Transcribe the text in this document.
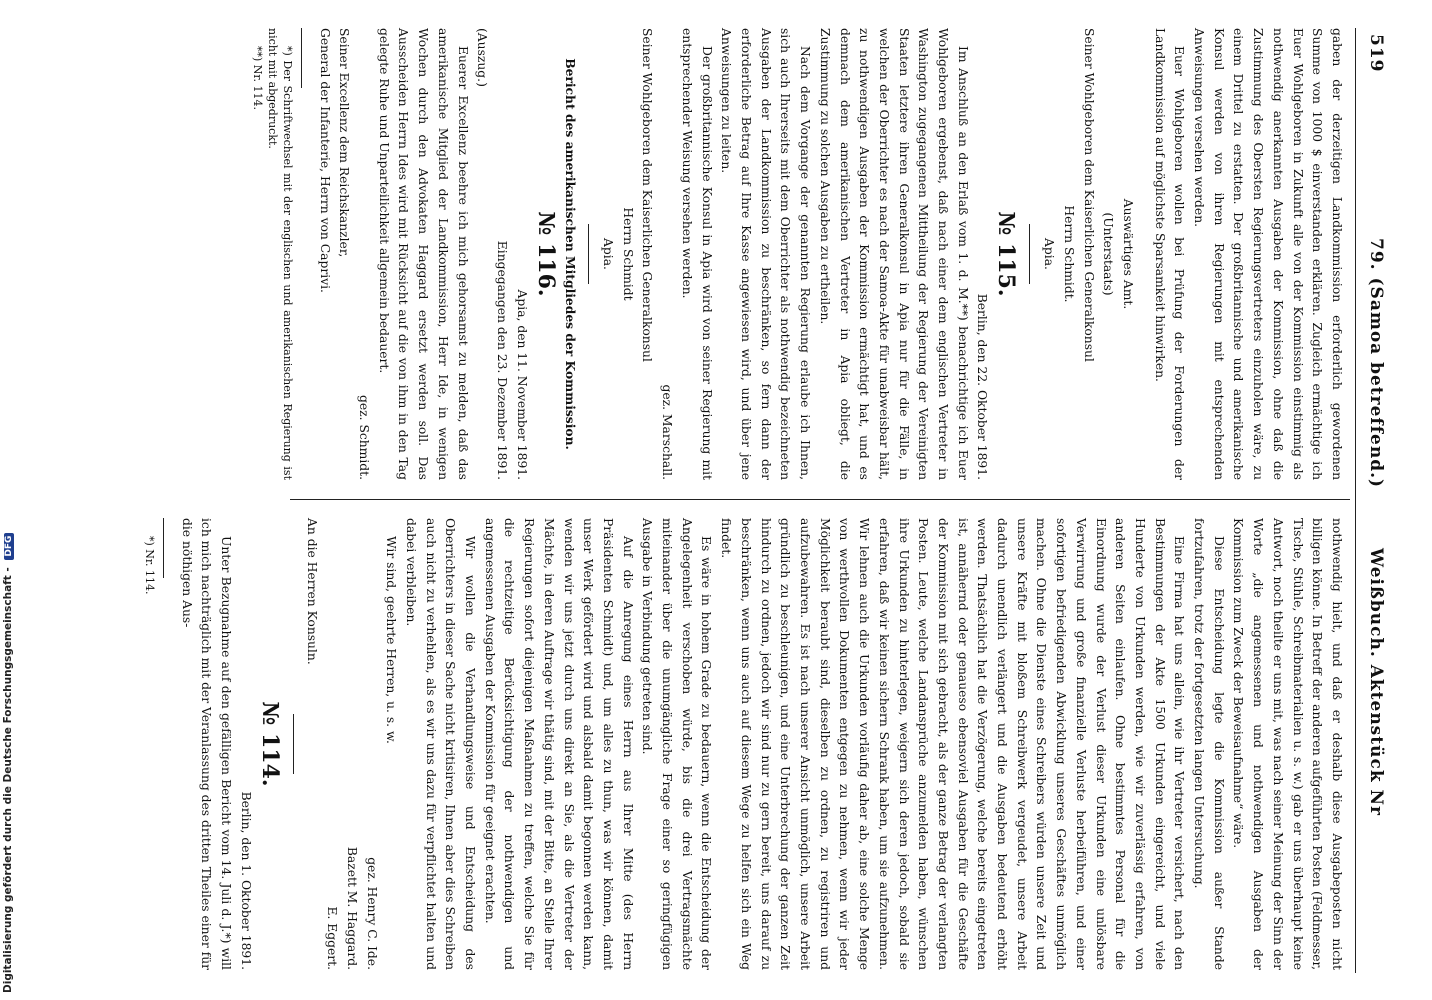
519
79. (Samoa betreffend.)
Weißbuch. Aktenstück Nr

gaben der derzeitigen Landkommission erforderlich gewordenen Summe von 1000 $ einverstanden erklären. Zugleich ermächtige ich Euer Wohlgeboren in Zukunft alle von der Kommission einstimmig als nothwendig anerkannten Ausgaben der Kommission, ohne daß die Zustimmung des Obersten Regierungsvertreters einzuholen wäre, zu einem Drittel zu erstatten. Der großbritannische und amerikanische Konsul werden von ihren Regierungen mit entsprechenden Anweisungen versehen werden.

Euer Wohlgeboren wollen bei Prüfung der Forderungen der Landkommission auf möglichste Sparsamkeit hinwirken.

Auswärtiges Amt.

(Unterstaats)

Seiner Wohlgeboren dem Kaiserlichen Generalkonsul

Herrn Schmidt.

Apia.

№ 115.

Berlin, den 22. Oktober 1891.

Im Anschluß an den Erlaß vom 1. d. M.**) benachrichtige ich Euer Wohlgeboren ergebenst, daß nach einer dem englischen Vertreter in Washington zugegangenen Mittheilung der Regierung der Vereinigten Staaten letztere ihren Generalkonsul in Apia nur für die Fälle, in welchen der Oberrichter es nach der Samoa-Akte für unabweisbar hält, zu nothwendigen Ausgaben der Kommission ermächtigt hat, und es demnach dem amerikanischen Vertreter in Apia obliegt, die Zustimmung zu solchen Ausgaben zu ertheilen.

Nach dem Vorgange der genannten Regierung erlaube ich Ihnen, sich auch Ihrerseits mit dem Oberrichter als nothwendig bezeichneten Ausgaben der Landkommission zu beschränken, so fern dann der erforderliche Betrag auf Ihre Kasse angewiesen wird, und über jene Anweisungen zu leiten.

Der großbritannische Konsul in Apia wird von seiner Regierung mit entsprechender Weisung versehen werden.

gez. Marschall.

Seiner Wohlgeboren dem Kaiserlichen Generalkonsul

Herrn Schmidt

Apia.

Bericht des amerikanischen Mitgliedes der Kommission.

№ 116.

Apia, den 11. November 1891.

Eingegangen den 23. Dezember 1891.

(Auszug.)

Euerer Excellenz beehre ich mich gehorsamst zu melden, daß das amerikanische Mitglied der Landkommission, Herr Ide, in wenigen Wochen durch den Advokaten Haggard ersetzt werden soll. Das Ausscheiden Herrn Ides wird mit Rücksicht auf die von ihm in den Tag gelegte Ruhe und Unparteilichkeit allgemein bedauert.

gez. Schmidt.

Seiner Excellenz dem Reichskanzler,

General der Infanterie, Herrn von Caprivi.

*) Der Schriftwechsel mit der englischen und amerikanischen Regierung ist nicht mit abgedruckt.

**) Nr. 114.

nothwendig hielt, und daß er deshalb diese Ausgabeposten nicht billigen könne. In Betreff der anderen aufgeführten Posten (Feldmesser, Tische, Stühle, Schreibmaterialien u. s. w.) gab er uns überhaupt keine Antwort, noch theilte er uns mit, was nach seiner Meinung der Sinn der Worte „die angemessenen und nothwendigen Ausgaben der Kommission zum Zweck der Beweisaufnahme“ wäre.

Diese Entscheidung legte die Kommission außer Stande fortzufahren, trotz der fortgesetzten langen Untersuchung.

Eine Firma hat uns allein, wie ihr Vertreter versichert, nach den Bestimmungen der Akte 1500 Urkunden eingereicht, und viele Hunderte von Urkunden werden, wie wir zuverlässig erfahren, von anderen Seiten einlaufen. Ohne bestimmtes Personal für die Einordnung wurde der Verlust dieser Urkunden eine unlösbare Verwirrung und große finanzielle Verluste herbeiführen, und einer sofortigen befriedigenden Abwicklung unseres Geschäftes unmöglich machen. Ohne die Dienste eines Schreibers würden unsere Zeit und unsere Kräfte mit bloßem Schreibwerk vergeudet, unsere Arbeit dadurch unendlich verlängert und die Ausgaben bedeutend erhöht werden. Thatsächlich hat die Verzögerung, welche bereits eingetreten ist, annähernd oder genaueso ebensoviel Ausgaben für die Geschäfte der Kommission mit sich gebracht, als der ganze Betrag der verlangten Posten. Leute, welche Landansprüche anzumelden haben, wünschen ihre Urkunden zu hinterlegen, weigern sich deren jedoch, sobald sie erfahren, daß wir keinen sichern Schrank haben, um sie aufzunehmen. Wir lehnen auch die Urkunden vorläufig daher ab, eine solche Menge von werthvollen Dokumenten entgegen zu nehmen, wenn wir jeder Möglichkeit beraubt sind, dieselben zu ordnen, zu registriren und aufzubewahren. Es ist nach unserer Ansicht unmöglich, unsere Arbeit gründlich zu beschleunigen, und eine Unterbrechung der ganzen Zeit hindurch zu ordnen, jedoch wir sind nur zu gern bereit, uns darauf zu beschränken, wenn uns auch auf diesem Wege zu helfen sich ein Weg findet.

Es wäre in hohem Grade zu bedauern, wenn die Entscheidung der Angelegenheit verschoben würde, bis die drei Vertragsmächte miteinander über die unumgängliche Frage einer so geringfügigen Ausgabe in Verbindung getreten sind.

Auf die Anregung eines Herrn aus Ihrer Mitte (des Herrn Präsidenten Schmidt) und, um alles zu thun, was wir können, damit unser Werk gefördert wird und alsbald damit begonnen werden kann, wenden wir uns jetzt durch uns direkt an Sie, als die Vertreter der Mächte, in deren Auftrage wir thätig sind, mit der Bitte, an Stelle Ihrer Regierungen sofort diejenigen Maßnahmen zu treffen, welche Sie für die rechtzeitige Berücksichtigung der nothwendigen und angemessenen Ausgaben der Kommission für geeignet erachten.

Wir wollen die Verhandlungsweise und Entscheidung des Oberrichters in dieser Sache nicht kritisiren, Ihnen aber dies Schreiben auch nicht zu verhehlen, als es wir uns dazu für verpflichtet halten und dabei verbleiben.

Wir sind, geehrte Herren, u. s. w.

gez. Henry C. Ide.

Bazett M. Haggard.

E. Eggert.

An die Herren Konsuln.

№ 114.

Berlin, den 1. Oktober 1891.

Unter Bezugnahme auf den gefälligen Bericht vom 14. Juli d. J.*) will ich mich nachträglich mit der Veranlassung des dritten Theiles einer für die nöthigen Aus-

*) Nr. 114.

Digitalisierung gefördert durch die Deutsche Forschungsgemeinschaft - DFG
